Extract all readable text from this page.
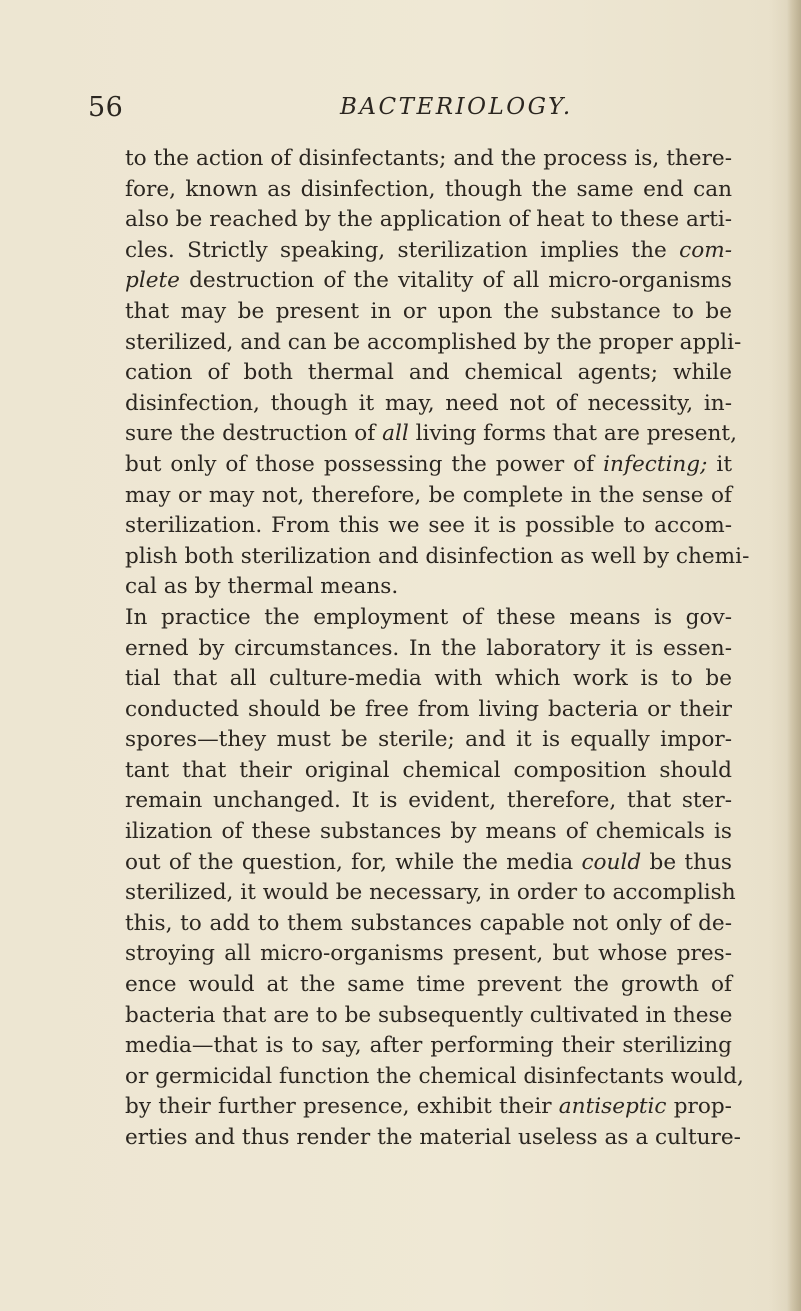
56	BACTERIOLOGY.
to the action of disinfectants; and the process is, there-
fore, known as disinfection, though the same end can
also be reached by the application of heat to these arti-
cles. Strictly speaking, sterilization implies the com-
plete destruction of the vitality of all micro-organisms
that may be present in or upon the substance to be
sterilized, and can be accomplished by the proper appli-
cation of both thermal and chemical agents; while
disinfection, though it may, need not of necessity, in-
sure the destruction of all living forms that are present,
but only of those possessing the power of infecting; it
may or may not, therefore, be complete in the sense of
sterilization. From this we see it is possible to accom-
plish both sterilization and disinfection as well by chemi-
cal as by thermal means.
In practice the employment of these means is gov-
erned by circumstances. In the laboratory it is essen-
tial that all culture-media with which work is to be
conducted should be free from living bacteria or their
spores—they must be sterile; and it is equally impor-
tant that their original chemical composition should
remain unchanged. It is evident, therefore, that ster-
ilization of these substances by means of chemicals is
out of the question, for, while the media could be thus
sterilized, it would be necessary, in order to accomplish
this, to add to them substances capable not only of de-
stroying all micro-organisms present, but whose pres-
ence would at the same time prevent the growth of
bacteria that are to be subsequently cultivated in these
media—that is to say, after performing their sterilizing
or germicidal function the chemical disinfectants would,
by their further presence, exhibit their antiseptic prop-
erties and thus render the material useless as a culture-
